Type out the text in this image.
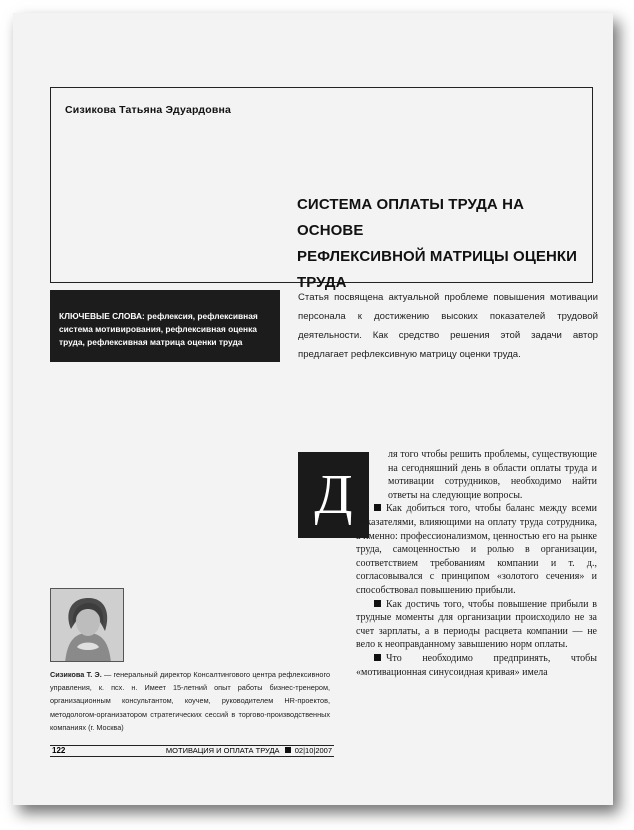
Сизикова Татьяна Эдуардовна
СИСТЕМА ОПЛАТЫ ТРУДА НА ОСНОВЕ
РЕФЛЕКСИВНОЙ МАТРИЦЫ ОЦЕНКИ
ТРУДА
КЛЮЧЕВЫЕ СЛОВА: рефлексия, рефлексивная система мотивирования, рефлексивная оценка труда, рефлексивная матрица оценки труда
Статья посвящена актуальной проблеме повышения мотивации персонала к достижению высоких показателей трудовой деятельности. Как средство решения этой задачи автор предлагает рефлексивную матрицу оценки труда.
Д

ля того чтобы решить проблемы, существующие на сегодняшний день в области оплаты труда и мотивации сотрудников, необходимо найти ответы на следующие вопросы.

Как добиться того, чтобы баланс между всеми показателями, влияющими на оплату труда сотрудника, а именно: профессионализмом, ценностью его на рынке труда, самоценностью и ролью в организации, соответствием требованиям компании и т. д., согласовывался с принципом «золотого сечения» и способствовал повышению прибыли.

Как достичь того, чтобы повышение прибыли в трудные моменты для организации происходило не за счет зарплаты, а в периоды расцвета компании — не вело к неоправданному завышению норм оплаты.

Что необходимо предпринять, чтобы «мотивационная синусоидная кривая» имела

Сизикова Т. Э. — генеральный директор Консалтингового центра рефлексивного управления, к. псх. н. Имеет 15-летний опыт работы бизнес-тренером, организационным консультантом, коучем, руководителем HR-проектов, методологом-организатором стратегических сессий в торгово-производственных компаниях (г. Москва)
122	МОТИВАЦИЯ И ОПЛАТА ТРУДА 02|10|2007
